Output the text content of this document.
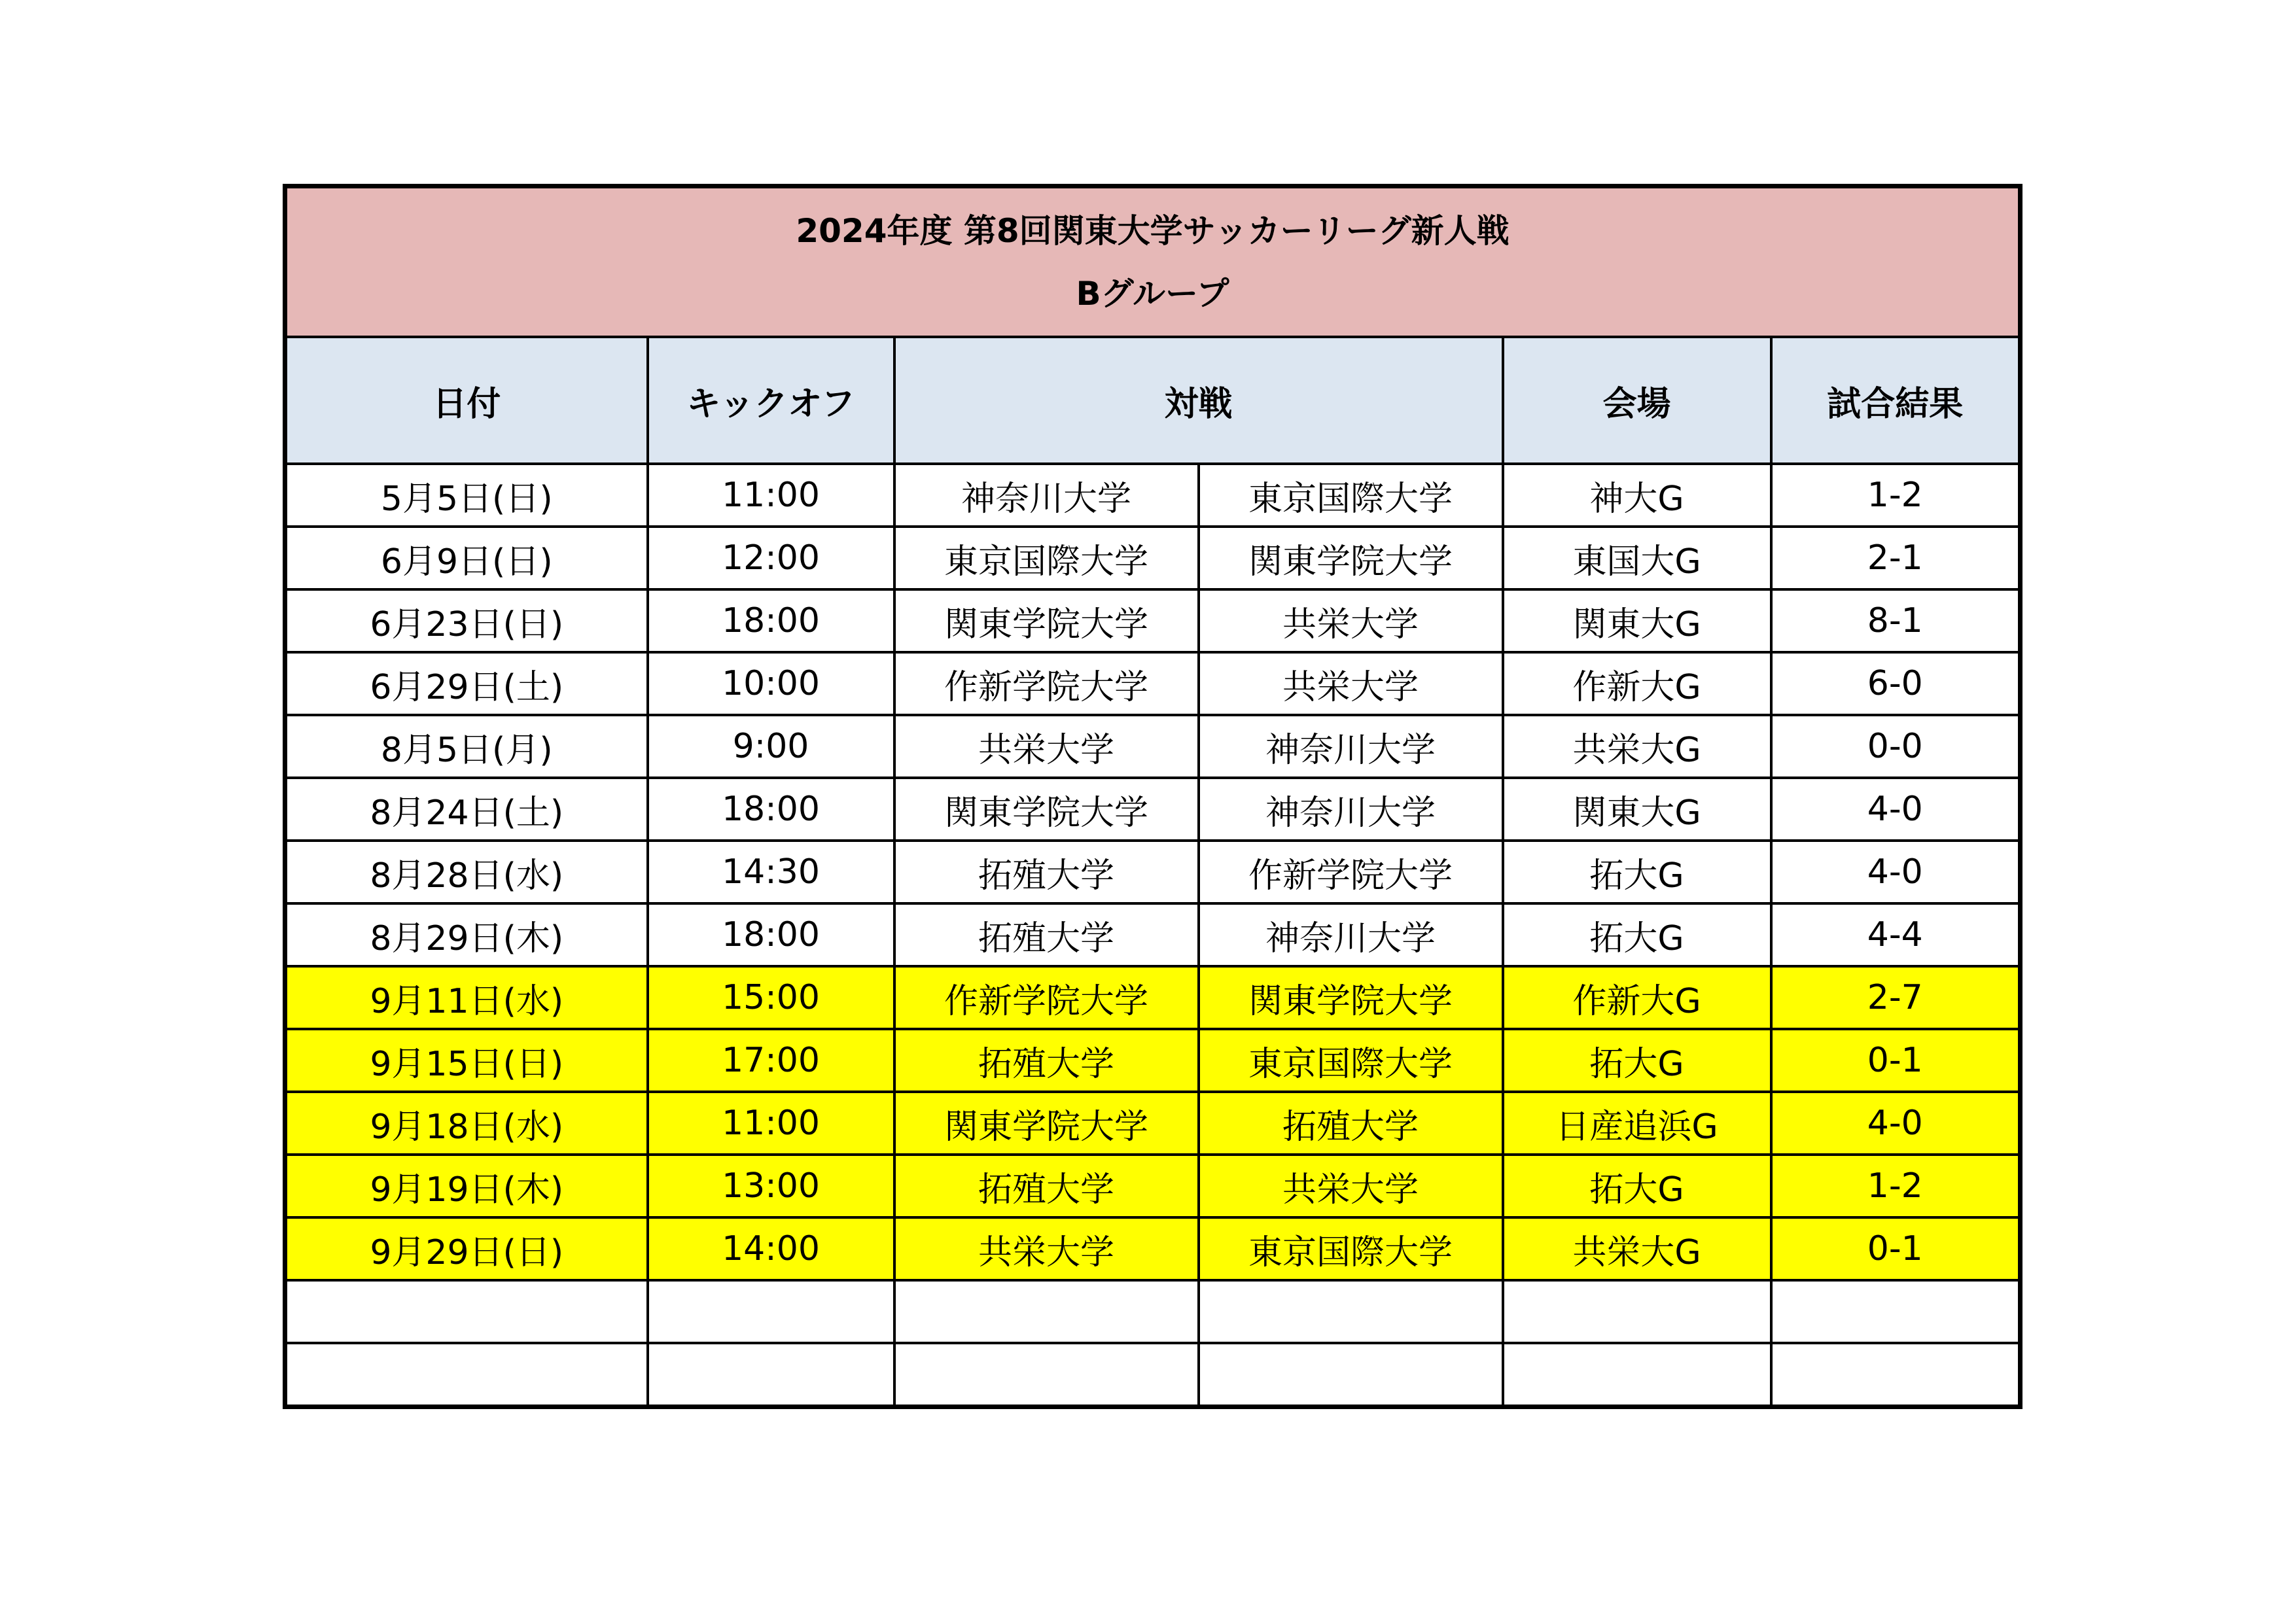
2024年度 第8回関東大学サッカーリーグ新人戦
Bグループ					

日付	キックオフ	対戦		会場	試合結果
5月5日(日)	11:00	神奈川大学	東京国際大学	神大G	1-2
6月9日(日)	12:00	東京国際大学	関東学院大学	東国大G	2-1
6月23日(日)	18:00	関東学院大学	共栄大学	関東大G	8-1
6月29日(土)	10:00	作新学院大学	共栄大学	作新大G	6-0
8月5日(月)	9:00	共栄大学	神奈川大学	共栄大G	0-0
8月24日(土)	18:00	関東学院大学	神奈川大学	関東大G	4-0
8月28日(水)	14:30	拓殖大学	作新学院大学	拓大G	4-0
8月29日(木)	18:00	拓殖大学	神奈川大学	拓大G	4-4
9月11日(水)	15:00	作新学院大学	関東学院大学	作新大G	2-7
9月15日(日)	17:00	拓殖大学	東京国際大学	拓大G	0-1
9月18日(水)	11:00	関東学院大学	拓殖大学	日産追浜G	4-0
9月19日(木)	13:00	拓殖大学	共栄大学	拓大G	1-2
9月29日(日)	14:00	共栄大学	東京国際大学	共栄大G	0-1
